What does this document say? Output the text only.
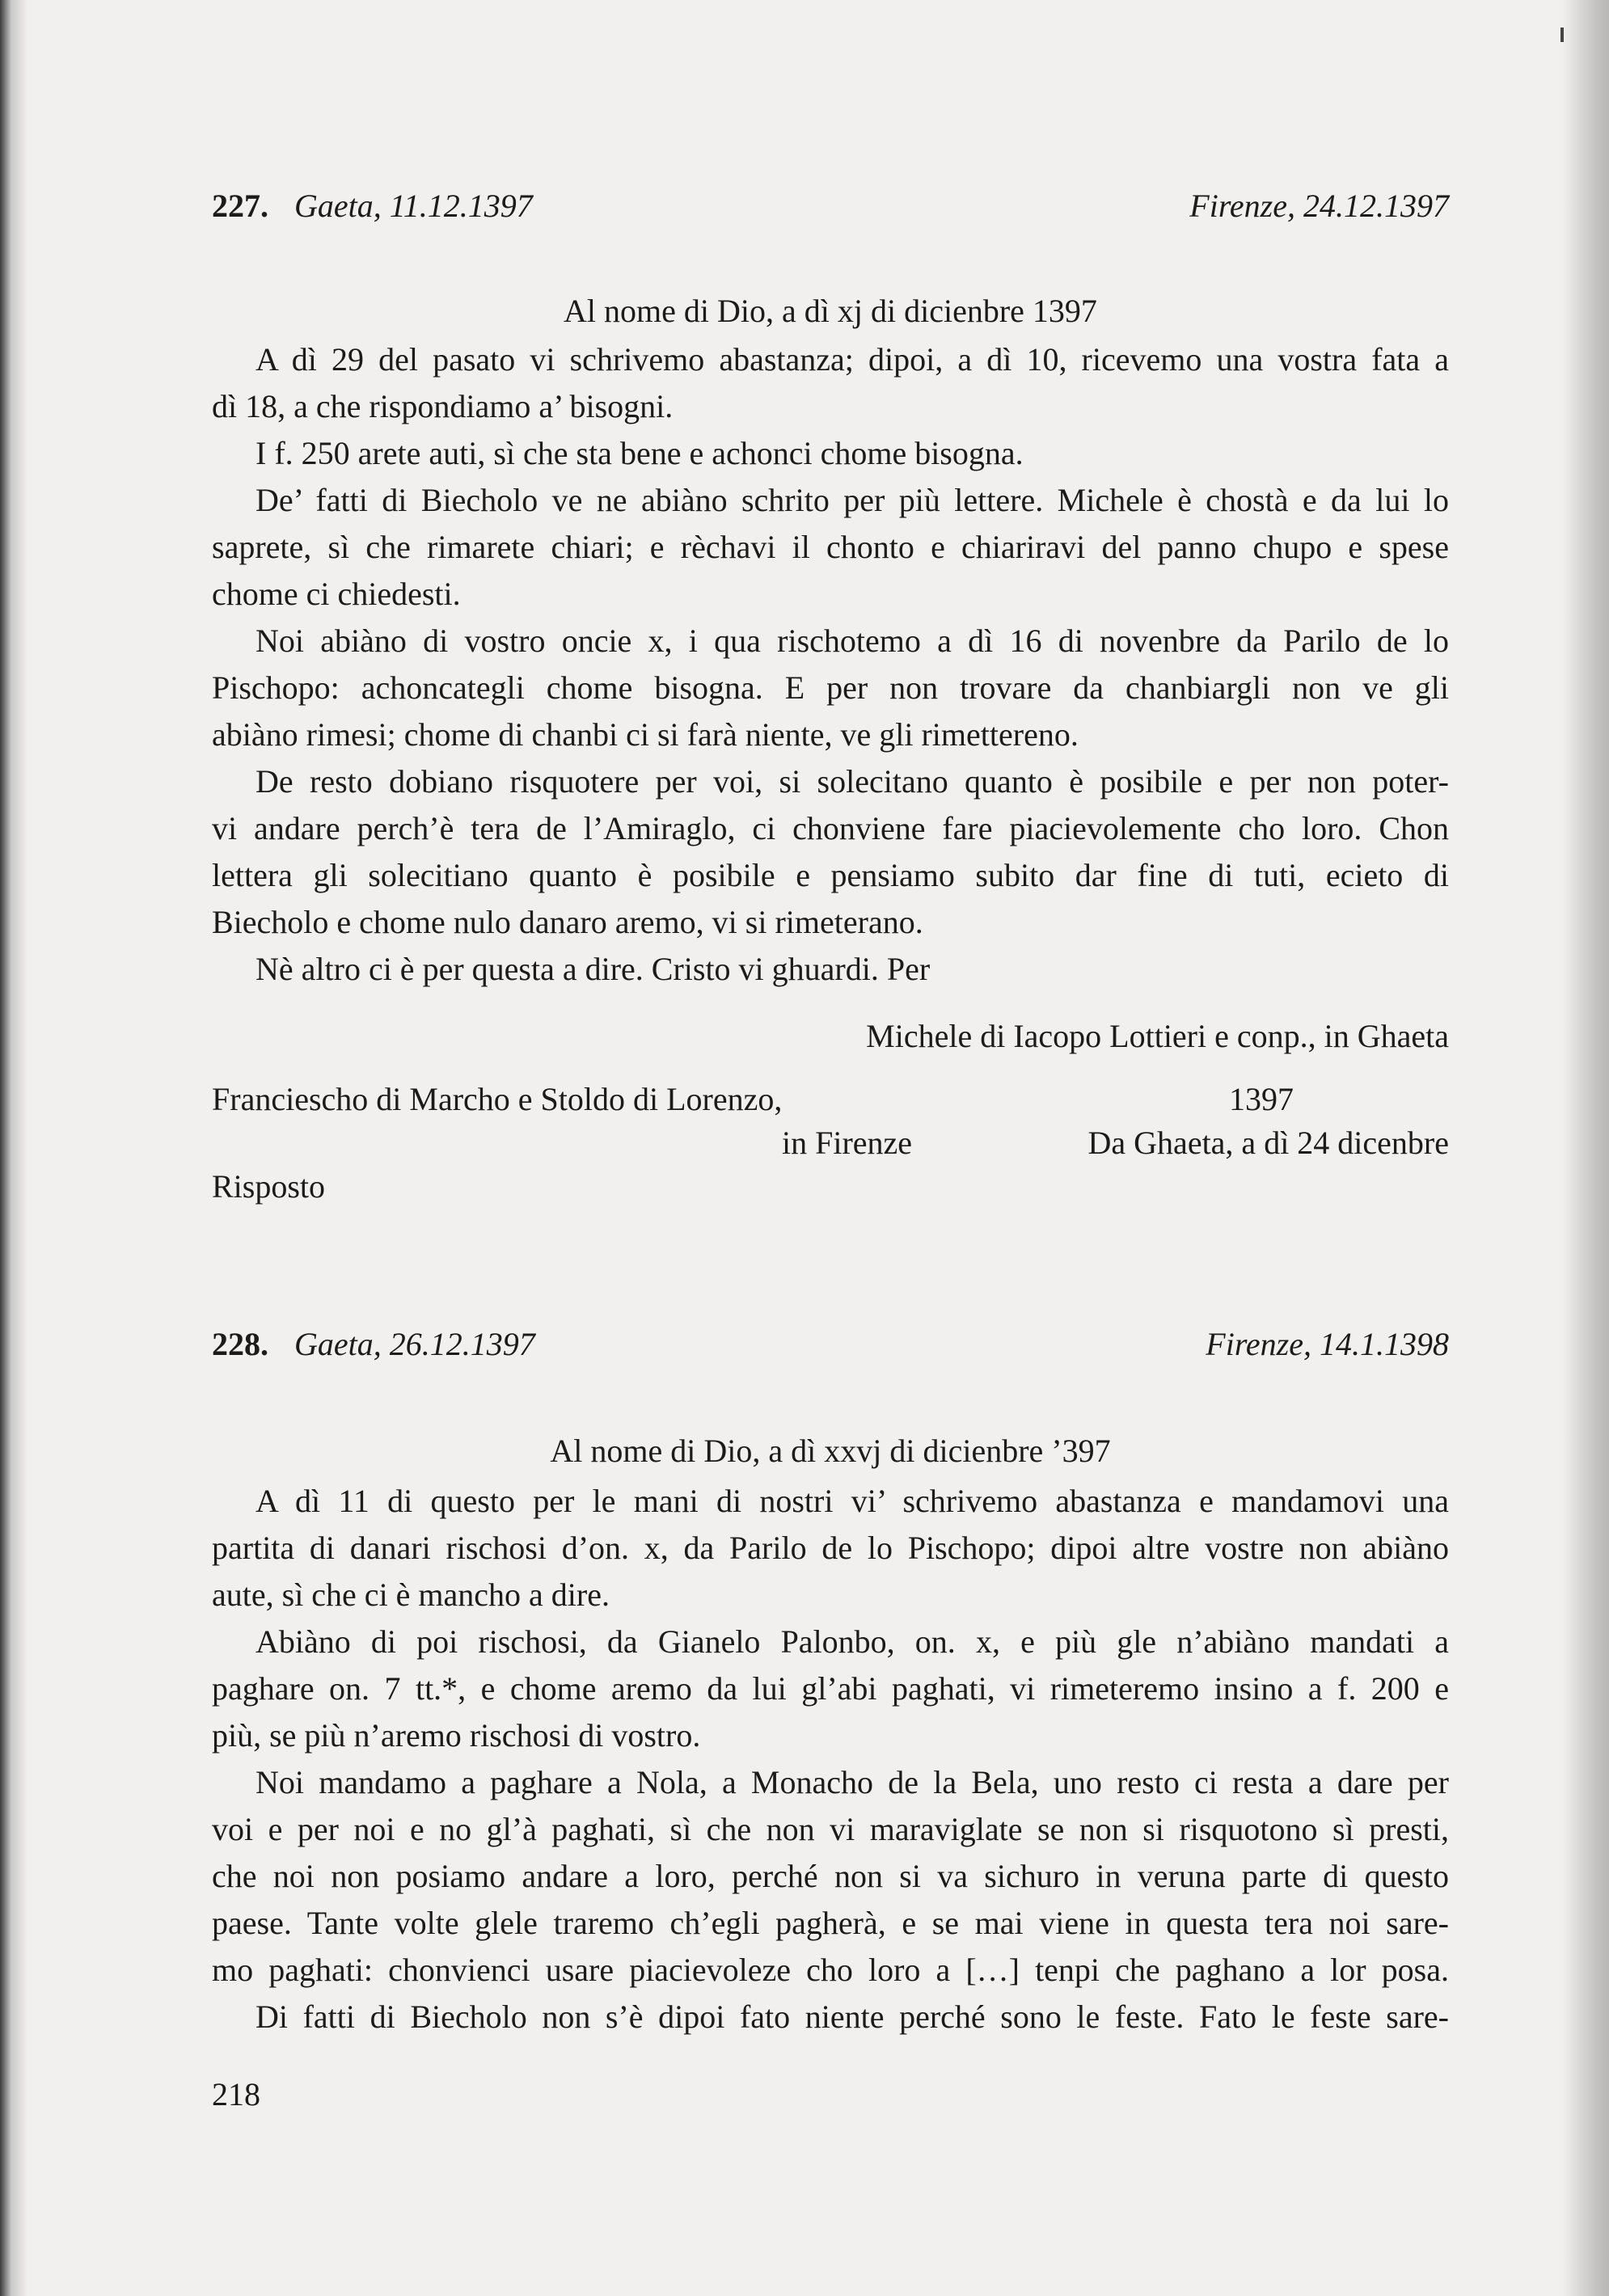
227. Gaeta, 11.12.1397	Firenze, 24.12.1397
Al nome di Dio, a dì xj di dicienbre 1397
A dì 29 del pasato vi schrivemo abastanza; dipoi, a dì 10, ricevemo una vostra fata a
dì 18, a che rispondiamo a’ bisogni.
I f. 250 arete auti, sì che sta bene e achonci chome bisogna.
De’ fatti di Biecholo ve ne abiàno schrito per più lettere. Michele è chostà e da lui lo
saprete, sì che rimarete chiari; e rèchavi il chonto e chiariravi del panno chupo e spese
chome ci chiedesti.
Noi abiàno di vostro oncie x, i qua rischotemo a dì 16 di novenbre da Parilo de lo
Pischopo: achoncategli chome bisogna. E per non trovare da chanbiargli non ve gli
abiàno rimesi; chome di chanbi ci si farà niente, ve gli rimettereno.
De resto dobiano risquotere per voi, si solecitano quanto è posibile e per non poter-
vi andare perch’è tera de l’Amiraglo, ci chonviene fare piacievolemente cho loro. Chon
lettera gli solecitiano quanto è posibile e pensiamo subito dar fine di tuti, ecieto di
Biecholo e chome nulo danaro aremo, vi si rimeterano.
Nè altro ci è per questa a dire. Cristo vi ghuardi. Per
Michele di Iacopo Lottieri e conp., in Ghaeta
Franciescho di Marcho e Stoldo di Lorenzo,	1397
in Firenze	Da Ghaeta, a dì 24 dicenbre
Risposto
228. Gaeta, 26.12.1397	Firenze, 14.1.1398
Al nome di Dio, a dì xxvj di dicienbre ’397
A dì 11 di questo per le mani di nostri vi’ schrivemo abastanza e mandamovi una
partita di danari rischosi d’on. x, da Parilo de lo Pischopo; dipoi altre vostre non abiàno
aute, sì che ci è mancho a dire.
Abiàno di poi rischosi, da Gianelo Palonbo, on. x, e più gle n’abiàno mandati a
paghare on. 7 tt.*, e chome aremo da lui gl’abi paghati, vi rimeteremo insino a f. 200 e
più, se più n’aremo rischosi di vostro.
Noi mandamo a paghare a Nola, a Monacho de la Bela, uno resto ci resta a dare per
voi e per noi e no gl’à paghati, sì che non vi maraviglate se non si risquotono sì presti,
che noi non posiamo andare a loro, perché non si va sichuro in veruna parte di questo
paese. Tante volte glele traremo ch’egli pagherà, e se mai viene in questa tera noi sare-
mo paghati: chonvienci usare piacievoleze cho loro a […] tenpi che paghano a lor posa.
Di fatti di Biecholo non s’è dipoi fato niente perché sono le feste. Fato le feste sare-
218
